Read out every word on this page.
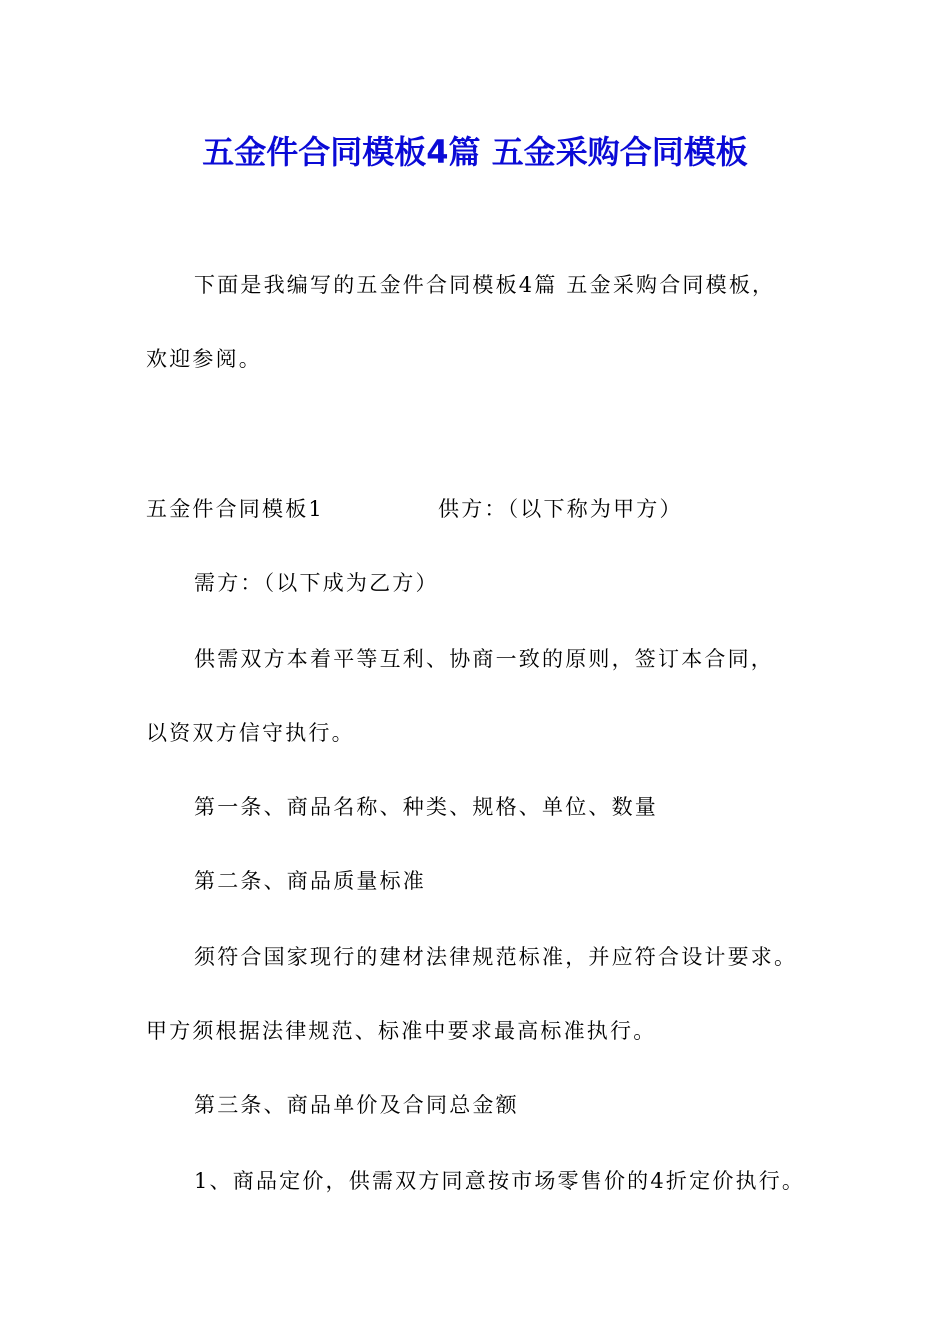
五金件合同模板4篇 五金采购合同模板
下面是我编写的五金件合同模板4篇 五金采购合同模板，
欢迎参阅。
五金件合同模板1	供方：（以下称为甲方）
需方：（以下成为乙方）
供需双方本着平等互利、协商一致的原则，签订本合同，
以资双方信守执行。
第一条、商品名称、种类、规格、单位、数量
第二条、商品质量标准
须符合国家现行的建材法律规范标准，并应符合设计要求。
甲方须根据法律规范、标准中要求最高标准执行。
第三条、商品单价及合同总金额
1、商品定价，供需双方同意按市场零售价的4折定价执行。
